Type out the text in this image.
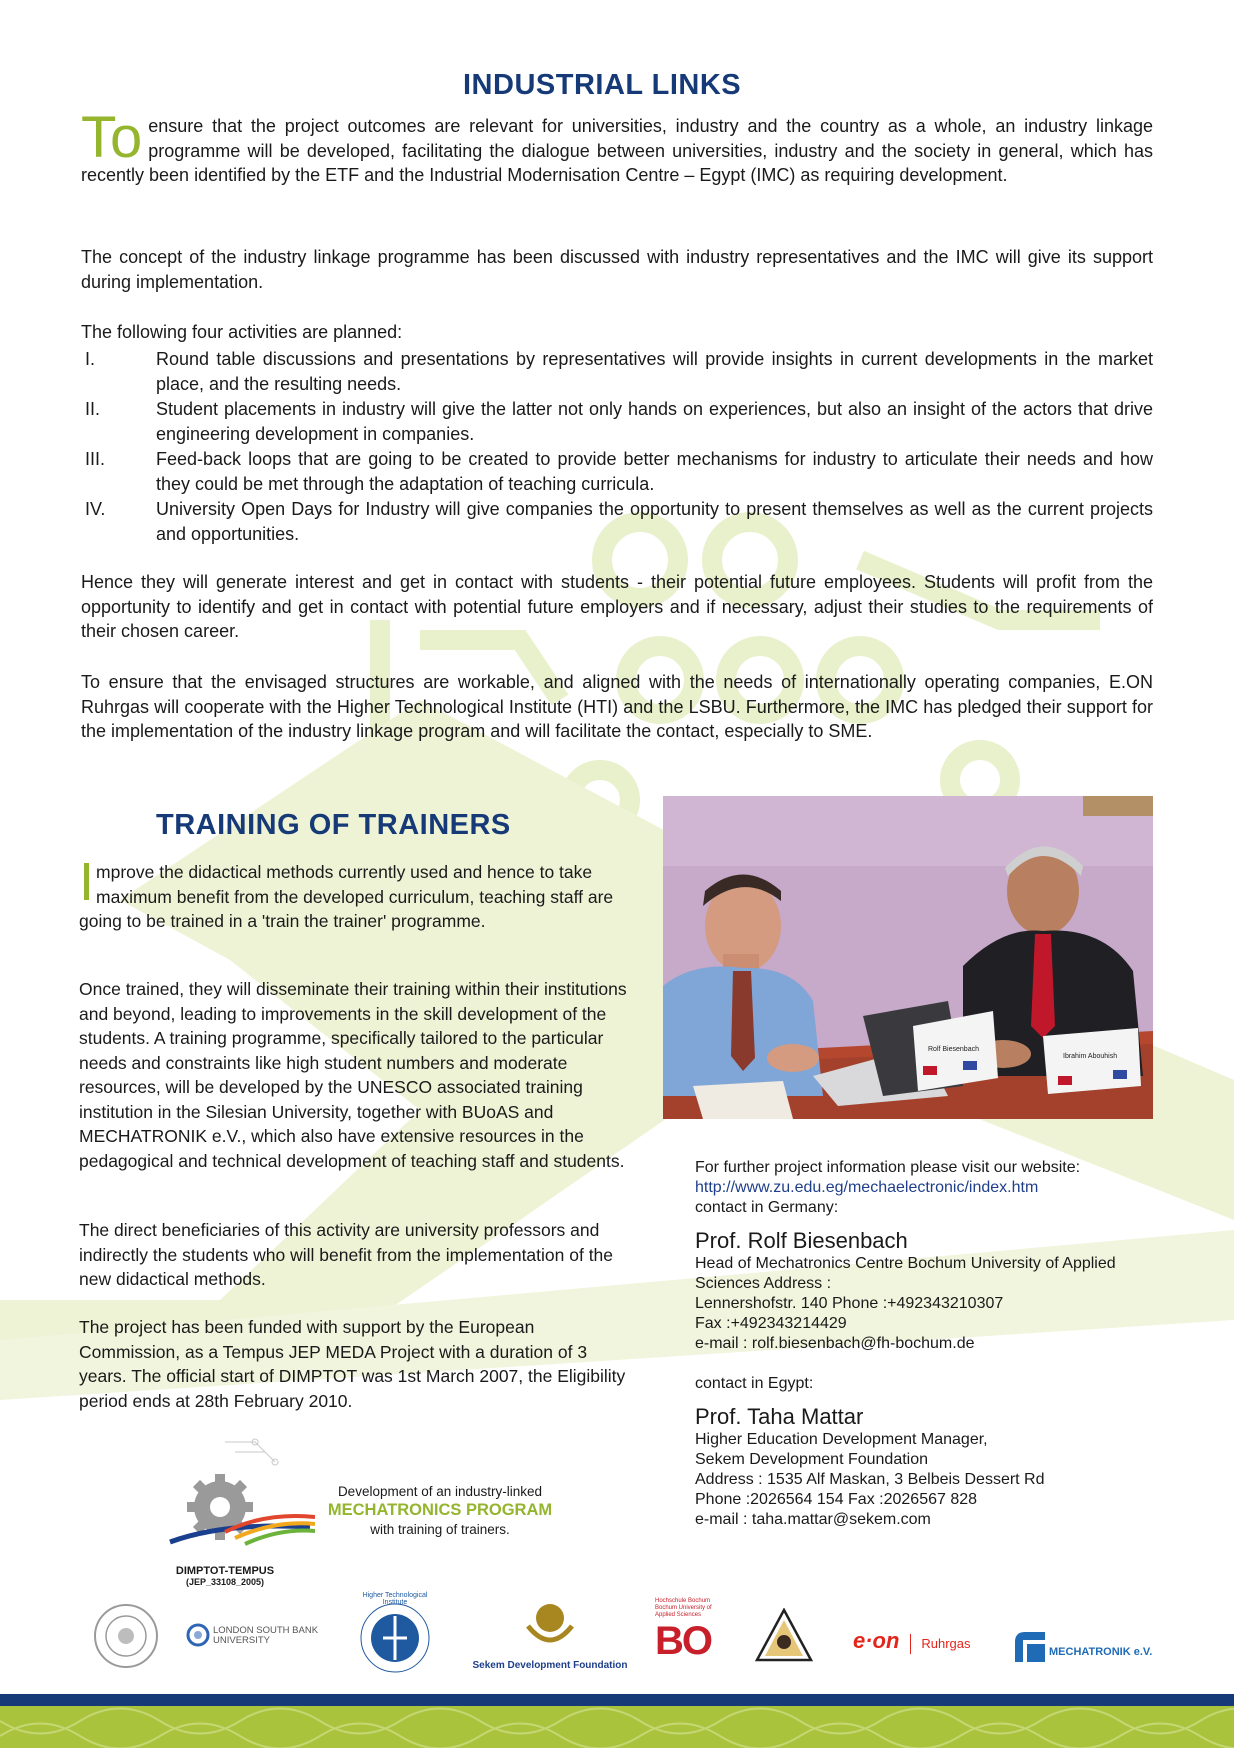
INDUSTRIAL LINKS

To ensure that the project outcomes are relevant for universities, industry and the country as a whole, an industry linkage programme will be developed, facilitating the dialogue between universities, industry and the society in general, which has recently been identified by the ETF and the Industrial Modernisation Centre – Egypt (IMC) as requiring development.

The concept of the industry linkage programme has been discussed with industry representatives and the IMC will give its support during implementation.

The following four activities are planned:

I.	Round table discussions and presentations by representatives will provide insights in current developments in the market place, and the resulting needs.
II.	Student placements in industry will give the latter not only hands on experiences, but also an insight of the actors that drive engineering development in companies.
III.	Feed-back loops that are going to be created to provide better mechanisms for industry to articulate their needs and how they could be met through the adaptation of teaching curricula.
IV.	University Open Days for Industry will give companies the opportunity to present themselves as well as the current projects and opportunities.

Hence they will generate interest and get in contact with students - their potential future employees. Students will profit from the opportunity to identify and get in contact with potential future employers and if necessary, adjust their studies to the requirements of their chosen career.

To ensure that the envisaged structures are workable, and aligned with the needs of internationally operating companies, E.ON Ruhrgas will cooperate with the Higher Technological Institute (HTI) and the LSBU. Furthermore, the IMC has pledged their support for the implementation of the industry linkage program and will facilitate the contact, especially to SME.

TRAINING OF TRAINERS

I mprove the didactical methods currently used and hence to take maximum benefit from the developed curriculum, teaching staff are going to be trained in a 'train the trainer' programme.

Once trained, they will disseminate their training within their institutions and beyond, leading to improvements in the skill development of the students. A training programme, specifically tailored to the particular needs and constraints like high student numbers and moderate resources, will be developed by the UNESCO associated training institution in the Silesian University, together with BUoAS and MECHATRONIK e.V., which also have extensive resources in the pedagogical and technical development of teaching staff and students.

The direct beneficiaries of this activity are university professors and indirectly the students who will benefit from the implementation of the new didactical methods.

The project has been funded with support by the European Commission, as a Tempus JEP MEDA Project with a duration of 3 years. The official start of DIMPTOT was 1st March 2007, the Eligibility period ends at 28th February 2010.

Rolf Biesenbach
Ibrahim Abouhish
For further project information please visit our website:
http://www.zu.edu.eg/mechaelectronic/index.htm
contact in Germany:
Prof. Rolf Biesenbach
Head of Mechatronics Centre Bochum University of Applied
Sciences Address :
Lennershofstr. 140 Phone :+492343210307
Fax :+492343214429
e-mail : rolf.biesenbach@fh-bochum.de
contact in Egypt:
Prof. Taha Mattar
Higher Education Development Manager,
Sekem Development Foundation
Address : 1535 Alf Maskan, 3 Belbeis Dessert Rd
Phone :2026564 154 Fax :2026567 828
e-mail : taha.mattar@sekem.com
Development of an industry-linked
MECHATRONICS PROGRAM
with training of trainers.
DIMPTOT-TEMPUS
(JEP_33108_2005)
LONDON SOUTH BANK UNIVERSITY
Higher Technological Institute
Sekem Development Foundation
Hochschule Bochum Bochum University of Applied Sciences
BO	e·on Ruhrgas
MECHATRONIK e.V.
